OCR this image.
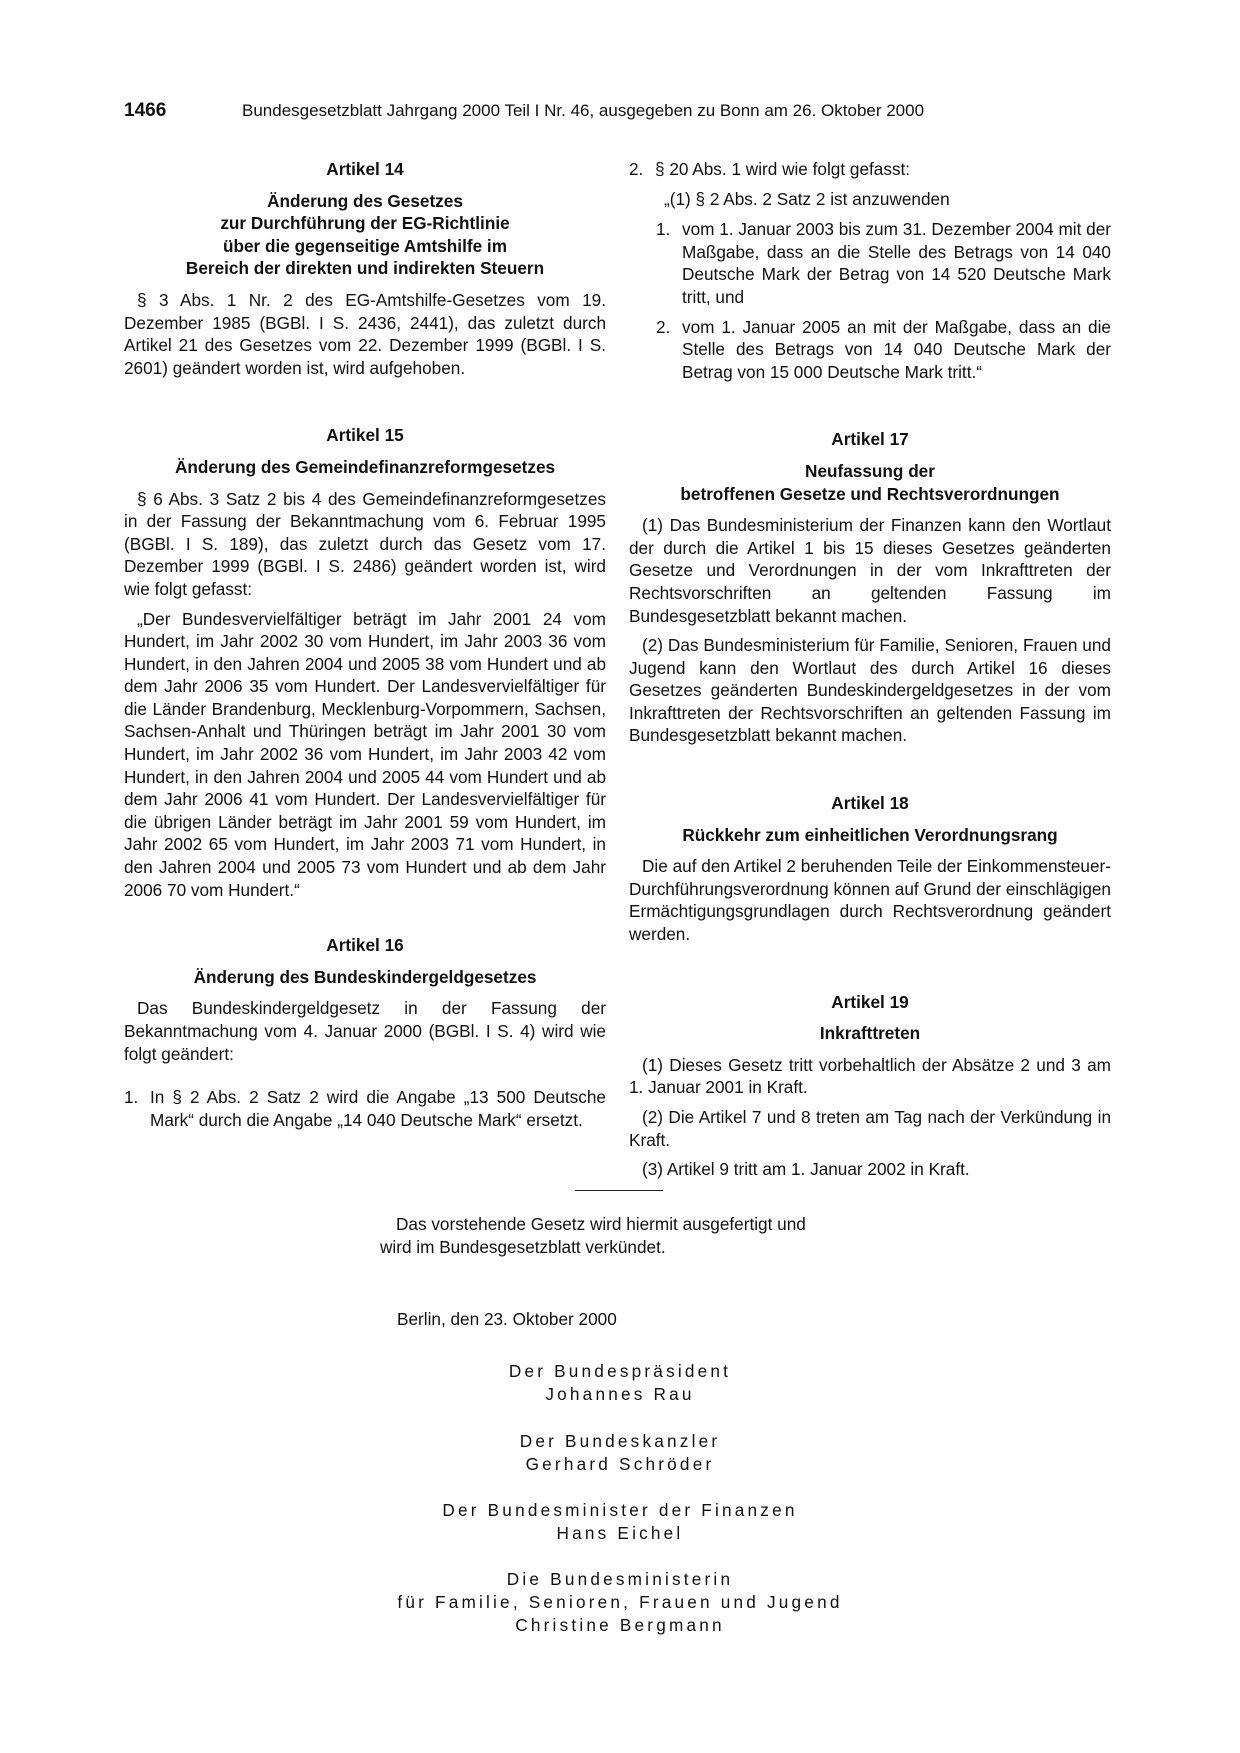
1466	Bundesgesetzblatt Jahrgang 2000 Teil I Nr. 46, ausgegeben zu Bonn am 26. Oktober 2000
Artikel 14
Änderung des Gesetzes
zur Durchführung der EG-Richtlinie
über die gegenseitige Amtshilfe im
Bereich der direkten und indirekten Steuern

§ 3 Abs. 1 Nr. 2 des EG-Amtshilfe-Gesetzes vom 19. Dezember 1985 (BGBl. I S. 2436, 2441), das zuletzt durch Artikel 21 des Gesetzes vom 22. Dezember 1999 (BGBl. I S. 2601) geändert worden ist, wird aufgehoben.

Artikel 15
Änderung des Gemeindefinanzreformgesetzes

§ 6 Abs. 3 Satz 2 bis 4 des Gemeindefinanzreformgesetzes in der Fassung der Bekanntmachung vom 6. Februar 1995 (BGBl. I S. 189), das zuletzt durch das Gesetz vom 17. Dezember 1999 (BGBl. I S. 2486) geändert worden ist, wird wie folgt gefasst:

„Der Bundesvervielfältiger beträgt im Jahr 2001 24 vom Hundert, im Jahr 2002 30 vom Hundert, im Jahr 2003 36 vom Hundert, in den Jahren 2004 und 2005 38 vom Hundert und ab dem Jahr 2006 35 vom Hundert. Der Landesvervielfältiger für die Länder Brandenburg, Mecklenburg-Vorpommern, Sachsen, Sachsen-Anhalt und Thüringen beträgt im Jahr 2001 30 vom Hundert, im Jahr 2002 36 vom Hundert, im Jahr 2003 42 vom Hundert, in den Jahren 2004 und 2005 44 vom Hundert und ab dem Jahr 2006 41 vom Hundert. Der Landesvervielfältiger für die übrigen Länder beträgt im Jahr 2001 59 vom Hundert, im Jahr 2002 65 vom Hundert, im Jahr 2003 71 vom Hundert, in den Jahren 2004 und 2005 73 vom Hundert und ab dem Jahr 2006 70 vom Hundert.“

Artikel 16
Änderung des Bundeskindergeldgesetzes

Das Bundeskindergeldgesetz in der Fassung der Bekanntmachung vom 4. Januar 2000 (BGBl. I S. 4) wird wie folgt geändert:

1. In § 2 Abs. 2 Satz 2 wird die Angabe „13 500 Deutsche Mark“ durch die Angabe „14 040 Deutsche Mark“ ersetzt.
2. § 20 Abs. 1 wird wie folgt gefasst:
„(1) § 2 Abs. 2 Satz 2 ist anzuwenden
1. vom 1. Januar 2003 bis zum 31. Dezember 2004 mit der Maßgabe, dass an die Stelle des Betrags von 14 040 Deutsche Mark der Betrag von 14 520 Deutsche Mark tritt, und
2. vom 1. Januar 2005 an mit der Maßgabe, dass an die Stelle des Betrags von 14 040 Deutsche Mark der Betrag von 15 000 Deutsche Mark tritt.“
Artikel 17
Neufassung der
betroffenen Gesetze und Rechtsverordnungen

(1) Das Bundesministerium der Finanzen kann den Wortlaut der durch die Artikel 1 bis 15 dieses Gesetzes geänderten Gesetze und Verordnungen in der vom Inkrafttreten der Rechtsvorschriften an geltenden Fassung im Bundesgesetzblatt bekannt machen.

(2) Das Bundesministerium für Familie, Senioren, Frauen und Jugend kann den Wortlaut des durch Artikel 16 dieses Gesetzes geänderten Bundeskindergeldgesetzes in der vom Inkrafttreten der Rechtsvorschriften an geltenden Fassung im Bundesgesetzblatt bekannt machen.

Artikel 18
Rückkehr zum einheitlichen Verordnungsrang

Die auf den Artikel 2 beruhenden Teile der Einkommensteuer-Durchführungsverordnung können auf Grund der einschlägigen Ermächtigungsgrundlagen durch Rechtsverordnung geändert werden.

Artikel 19
Inkrafttreten

(1) Dieses Gesetz tritt vorbehaltlich der Absätze 2 und 3 am 1. Januar 2001 in Kraft.

(2) Die Artikel 7 und 8 treten am Tag nach der Verkündung in Kraft.

(3) Artikel 9 tritt am 1. Januar 2002 in Kraft.

Das vorstehende Gesetz wird hiermit ausgefertigt und
wird im Bundesgesetzblatt verkündet.
Berlin, den 23. Oktober 2000
Der Bundespräsident
Johannes Rau
Der Bundeskanzler
Gerhard Schröder
Der Bundesminister der Finanzen
Hans Eichel
Die Bundesministerin
für Familie, Senioren, Frauen und Jugend
Christine Bergmann
